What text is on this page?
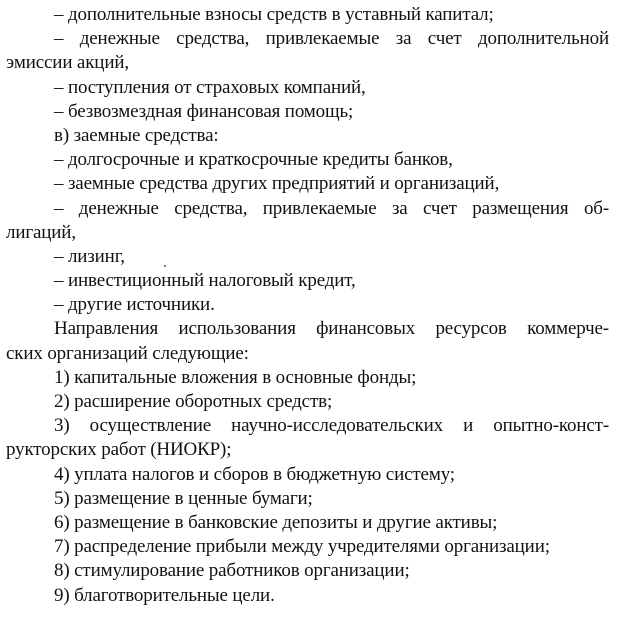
– дополнительные взносы средств в уставный капитал;
– денежные средства, привлекаемые за счет дополнительной
эмиссии акций,
– поступления от страховых компаний,
– безвозмездная финансовая помощь;
в) заемные средства:
– долгосрочные и краткосрочные кредиты банков,
– заемные средства других предприятий и организаций,
– денежные средства, привлекаемые за счет размещения об-
лигаций,
– лизинг,
– инвестиционный налоговый кредит,
– другие источники.
Направления использования финансовых ресурсов коммерче-
ских организаций следующие:
1) капитальные вложения в основные фонды;
2) расширение оборотных средств;
3) осуществление научно-исследовательских и опытно-конст-
рукторских работ (НИОКР);
4) уплата налогов и сборов в бюджетную систему;
5) размещение в ценные бумаги;
6) размещение в банковские депозиты и другие активы;
7) распределение прибыли между учредителями организации;
8) стимулирование работников организации;
9) благотворительные цели.
